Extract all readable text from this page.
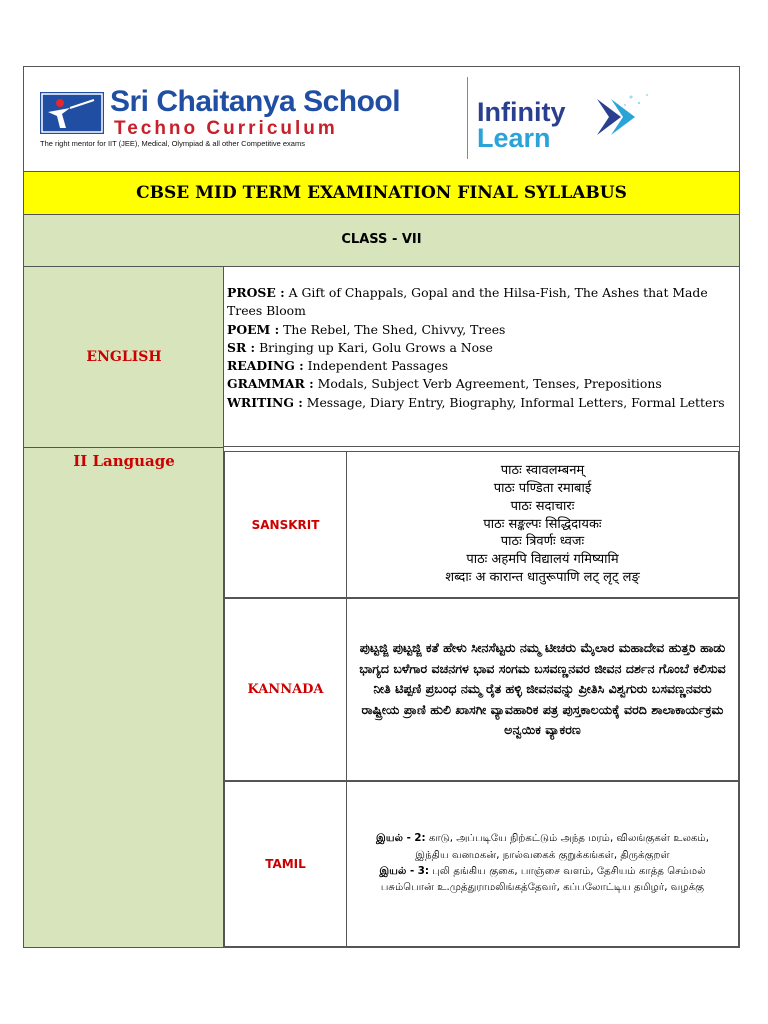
Sri Chaitanya School
Techno Curriculum
The right mentor for IIT (JEE), Medical, Olympiad & all other Competitive exams
Infinity
Learn
CBSE MID TERM EXAMINATION FINAL SYLLABUS
CLASS - VII
ENGLISH
II Language

PROSE : A Gift of Chappals, Gopal and the Hilsa-Fish, The Ashes that Made Trees Bloom

POEM : The Rebel, The Shed, Chivvy, Trees

SR : Bringing up Kari, Golu Grows a Nose

READING : Independent Passages

GRAMMAR : Modals, Subject Verb Agreement, Tenses, Prepositions

WRITING : Message, Diary Entry, Biography, Informal Letters, Formal Letters

SANSKRIT
पाठः स्वावलम्बनम्
पाठः पण्डिता रमाबाई
पाठः सदाचारः
पाठः सङ्कल्पः सिद्धिदायकः
पाठः त्रिवर्णः ध्वजः
पाठः अहमपि विद्यालयं गमिष्यामि
शब्दाः अ कारान्त धातुरूपाणि लट् लृट् लङ्
KANNADA
ಪುಟ್ಟಜ್ಜಿ ಪುಟ್ಟಜ್ಜಿ ಕತೆ ಹೇಳು ಸೀನಸೆಟ್ಟರು ನಮ್ಮ ಟೀಚರು ಮೈಲಾರ ಮಹಾದೇವ ಹುತ್ತರಿ ಹಾಡು ಭಾಗ್ಯದ ಬಳೆಗಾರ ವಚನಗಳ ಭಾವ ಸಂಗಮ ಬಸವಣ್ಣನವರ ಜೀವನ ದರ್ಶನ ಗೊಂಬೆ ಕಲಿಸುವ ನೀತಿ ಟಿಪ್ಪಣಿ ಪ್ರಬಂಧ ನಮ್ಮ ರೈತ ಹಳ್ಳಿ ಜೀವನವನ್ನು ಪ್ರೀತಿಸಿ ವಿಶ್ವಗುರು ಬಸವಣ್ಣನವರು ರಾಷ್ಟ್ರೀಯ ಪ್ರಾಣಿ ಹುಲಿ ಖಾಸಗೀ ವ್ಯಾವಹಾರಿಕ ಪತ್ರ ಪುಸ್ತಕಾಲಯಕ್ಕೆ ವರದಿ ಶಾಲಾಕಾರ್ಯಕ್ರಮ ಅನ್ವಯಿಕ ವ್ಯಾಕರಣ
TAMIL
இயல் - 2: காடு, அப்படியே நிற்கட்டும் அந்த மரம், விலங்குகள் உலகம், இந்திய வனமகன், நால்வகைக் குறுக்கங்கள், திருக்குறள்
இயல் - 3: புலி தங்கிய குகை, பாஞ்சை வளம், தேசியம் காத்த செம்மல் பசும்பொன் உ.முத்துராமலிங்கத்தேவர், கப்பலோட்டிய தமிழர், வழக்கு
